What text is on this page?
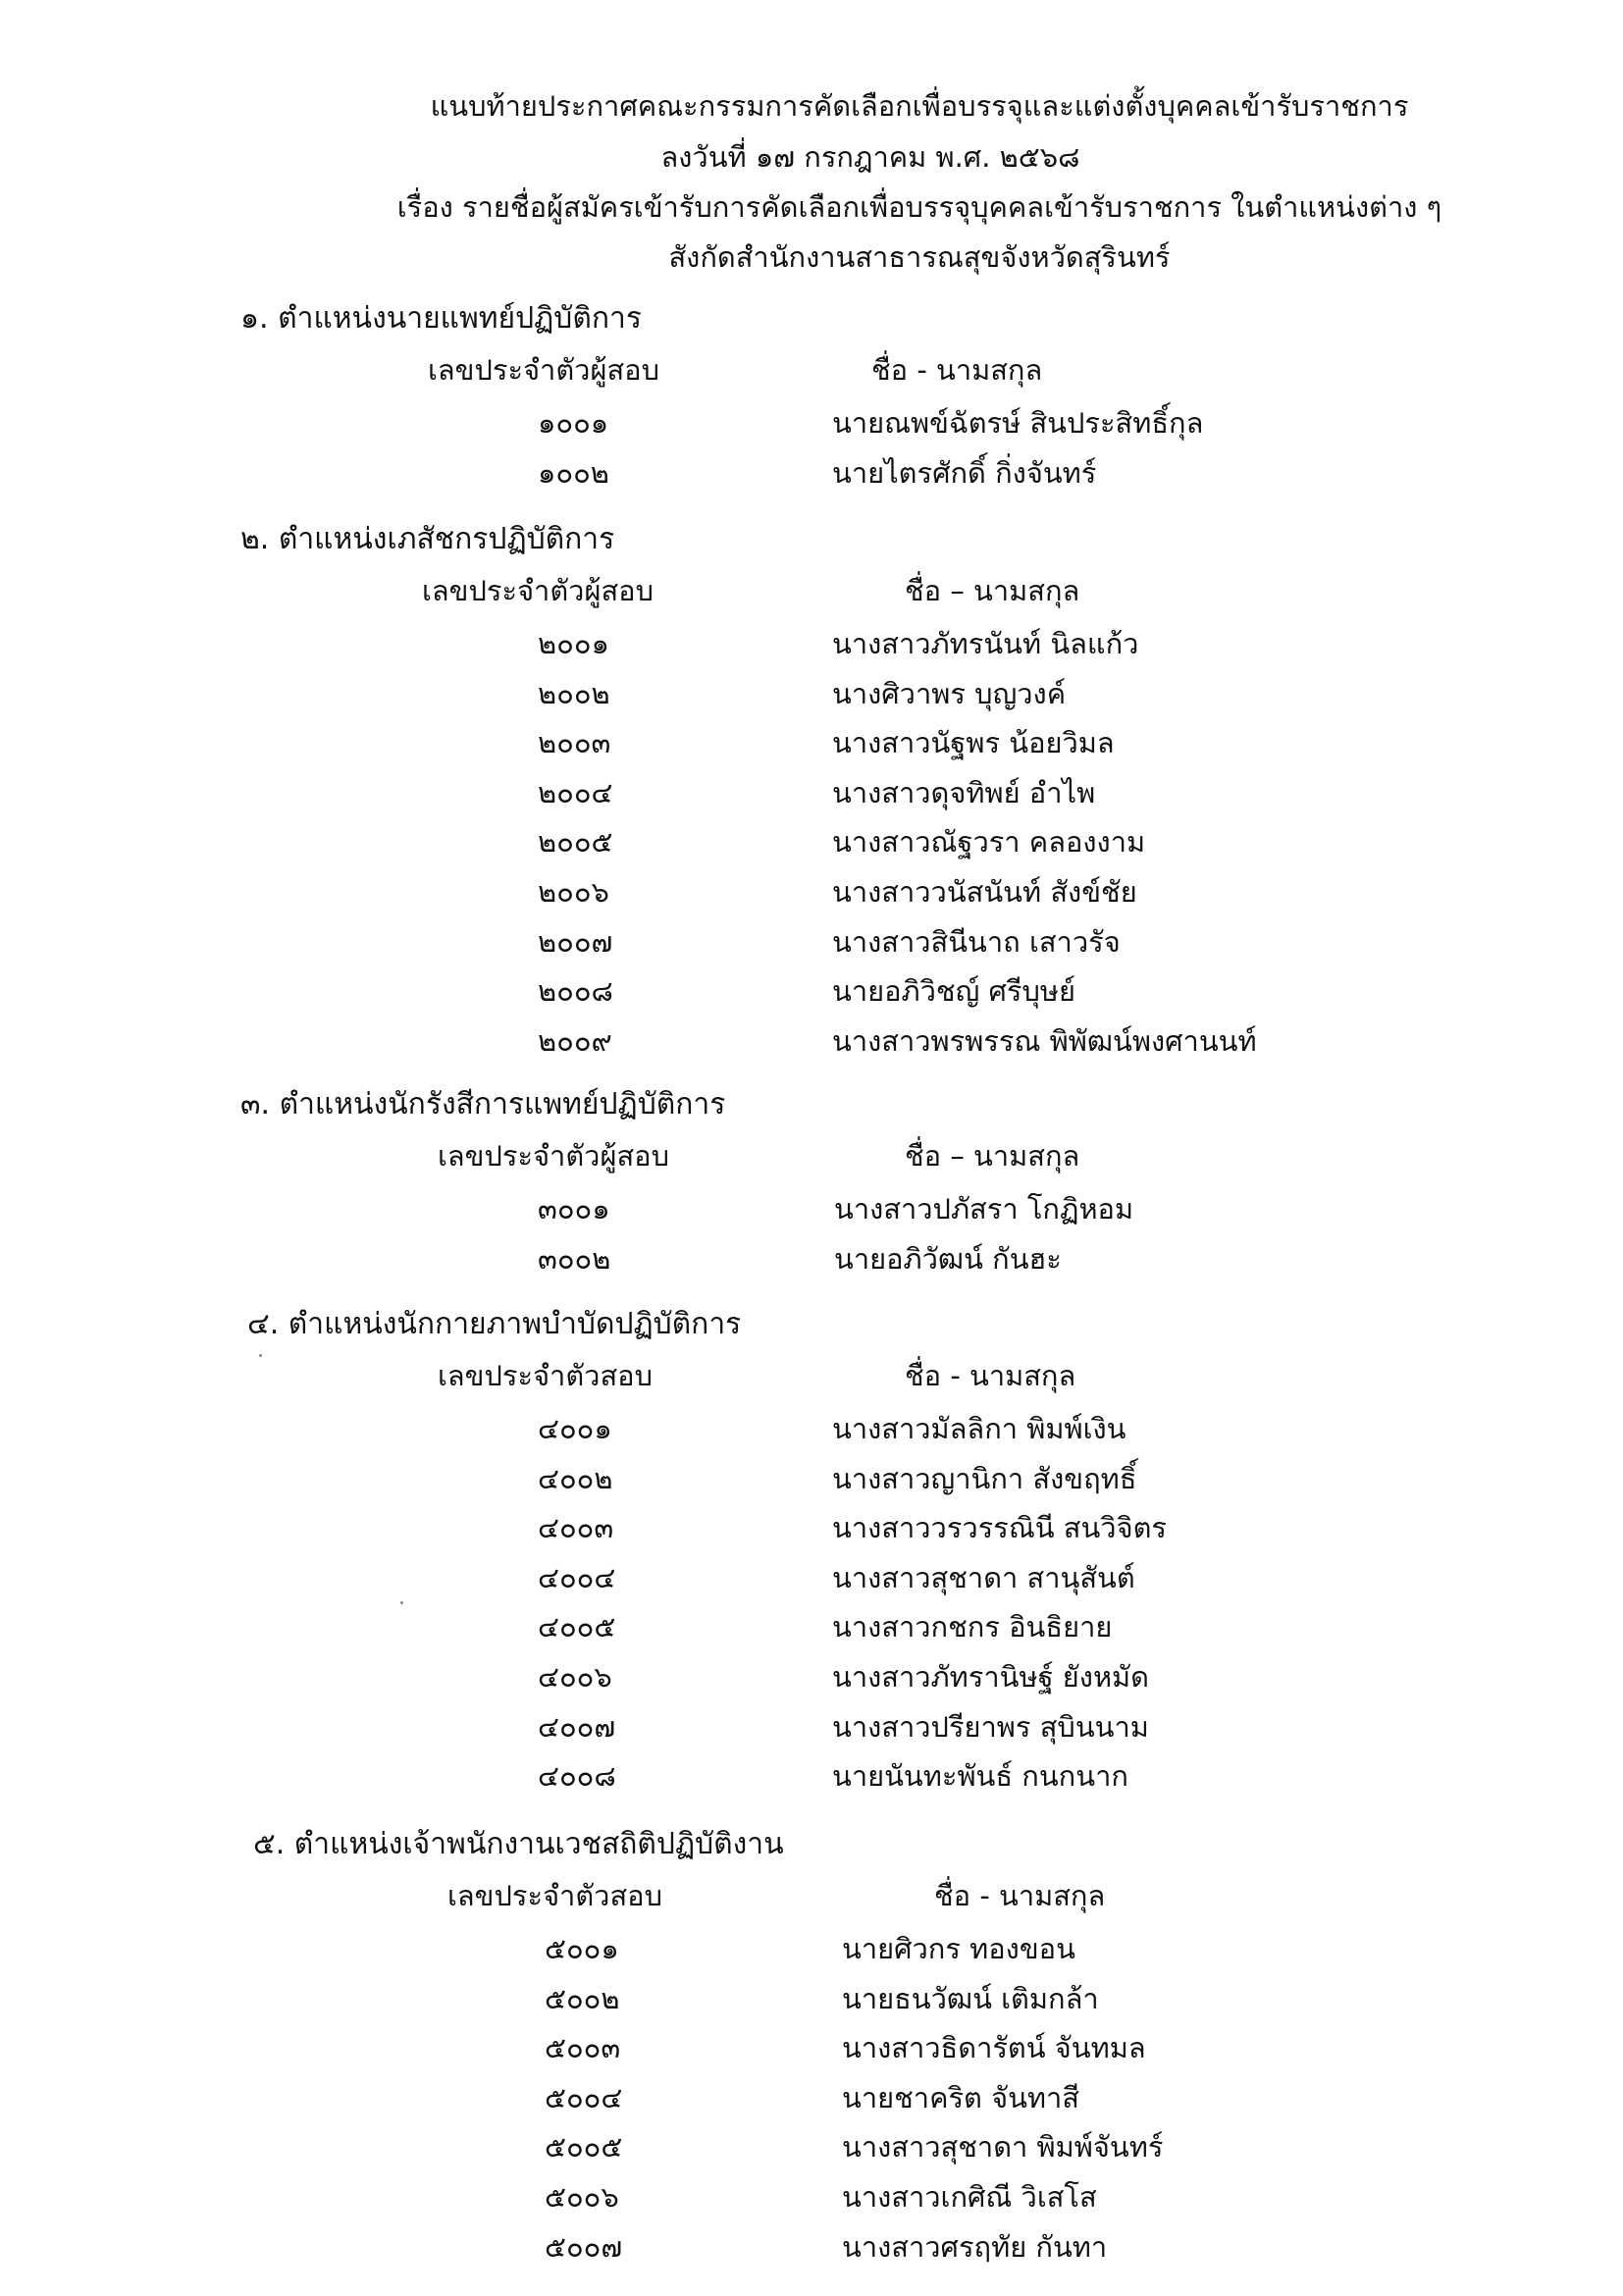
แนบท้ายประกาศคณะกรรมการคัดเลือกเพื่อบรรจุและแต่งตั้งบุคคลเข้ารับราชการ
ลงวันที่ ๑๗ กรกฎาคม พ.ศ. ๒๕๖๘
เรื่อง รายชื่อผู้สมัครเข้ารับการคัดเลือกเพื่อบรรจุบุคคลเข้ารับราชการ ในตำแหน่งต่าง ๆ
สังกัดสำนักงานสาธารณสุขจังหวัดสุรินทร์
๑. ตำแหน่งนายแพทย์ปฏิบัติการ
เลขประจำตัวผู้สอบ	ชื่อ - นามสกุล
๑๐๐๑	นายณพข์ฉัตรษ์ สินประสิทธิ์กุล
๑๐๐๒	นายไตรศักดิ์ กิ่งจันทร์
๒. ตำแหน่งเภสัชกรปฏิบัติการ
เลขประจำตัวผู้สอบ	ชื่อ – นามสกุล
๒๐๐๑	นางสาวภัทรนันท์ นิลแก้ว
๒๐๐๒	นางศิวาพร บุญวงค์
๒๐๐๓	นางสาวนัฐพร น้อยวิมล
๒๐๐๔	นางสาวดุจทิพย์ อำไพ
๒๐๐๕	นางสาวณัฐวรา คลองงาม
๒๐๐๖	นางสาววนัสนันท์ สังข์ชัย
๒๐๐๗	นางสาวสินีนาถ เสาวรัจ
๒๐๐๘	นายอภิวิชญ์ ศรีบุษย์
๒๐๐๙	นางสาวพรพรรณ พิพัฒน์พงศานนท์
๓. ตำแหน่งนักรังสีการแพทย์ปฏิบัติการ
เลขประจำตัวผู้สอบ	ชื่อ – นามสกุล
๓๐๐๑	นางสาวปภัสรา โกฏิหอม
๓๐๐๒	นายอภิวัฒน์ กันฮะ
๔. ตำแหน่งนักกายภาพบำบัดปฏิบัติการ
เลขประจำตัวสอบ	ชื่อ - นามสกุล
๔๐๐๑	นางสาวมัลลิกา พิมพ์เงิน
๔๐๐๒	นางสาวญานิกา สังขฤทธิ์
๔๐๐๓	นางสาววรวรรณินี สนวิจิตร
๔๐๐๔	นางสาวสุชาดา สานุสันต์
๔๐๐๕	นางสาวกชกร อินธิยาย
๔๐๐๖	นางสาวภัทรานิษฐ์ ยังหมัด
๔๐๐๗	นางสาวปรียาพร สุบินนาม
๔๐๐๘	นายนันทะพันธ์ กนกนาก
๕. ตำแหน่งเจ้าพนักงานเวชสถิติปฏิบัติงาน
เลขประจำตัวสอบ	ชื่อ - นามสกุล
๕๐๐๑	นายศิวกร ทองขอน
๕๐๐๒	นายธนวัฒน์ เติมกล้า
๕๐๐๓	นางสาวธิดารัตน์ จันทมล
๕๐๐๔	นายชาคริต จันทาสี
๕๐๐๕	นางสาวสุชาดา พิมพ์จันทร์
๕๐๐๖	นางสาวเกศิณี วิเสโส
๕๐๐๗	นางสาวศรฤทัย กันทา
